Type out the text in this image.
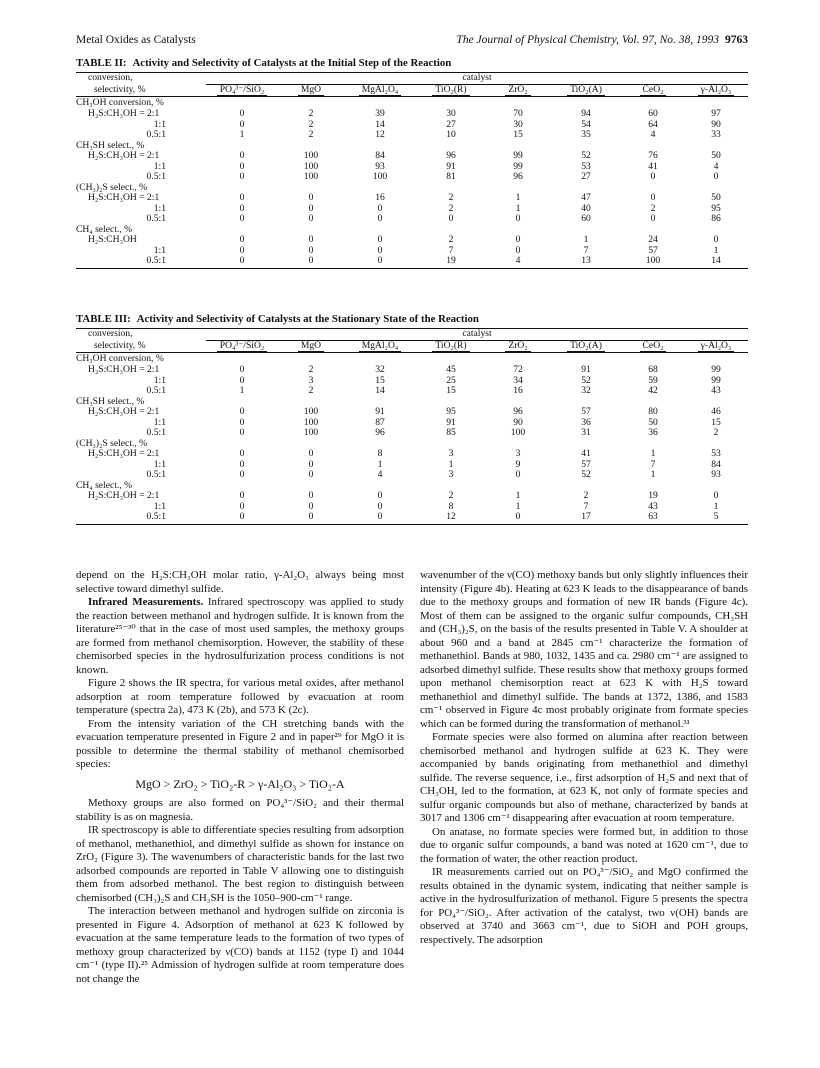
Metal Oxides as Catalysts	The Journal of Physical Chemistry, Vol. 97, No. 38, 1993 9763
TABLE II: Activity and Selectivity of Catalysts at the Initial Step of the Reaction
conversion,	catalyst							
selectivity, %	PO₄³⁻/SiO₂	MgO	MgAl₂O₄	TiO₂(R)	ZrO₂	TiO₂(A)	CeO₂	γ-Al₂O₃
CH₃OH conversion, %								
H₂S:CH₃OH = 2:1	0	2	39	30	70	94	60	97
1:1	0	2	14	27	30	54	64	90
0.5:1	1	2	12	10	15	35	4	33
CH₃SH select., %								
H₂S:CH₃OH = 2:1	0	100	84	96	99	52	76	50
1:1	0	100	93	91	99	53	41	4
0.5:1	0	100	100	81	96	27	0	0
(CH₃)₂S select., %								
H₂S:CH₃OH = 2:1	0	0	16	2	1	47	0	50
1:1	0	0	0	2	1	40	2	95
0.5:1	0	0	0	0	0	60	0	86
CH₄ select., %								
H₂S:CH₃OH	0	0	0	2	0	1	24	0
1:1	0	0	0	7	0	7	57	1
0.5:1	0	0	0	19	4	13	100	14
TABLE III: Activity and Selectivity of Catalysts at the Stationary State of the Reaction
conversion,	catalyst							
selectivity, %	PO₄³⁻/SiO₂	MgO	MgAl₂O₄	TiO₂(R)	ZrO₂	TiO₂(A)	CeO₂	γ-Al₂O₃
CH₃OH conversion, %								
H₂S:CH₃OH = 2:1	0	2	32	45	72	91	68	99
1:1	0	3	15	25	34	52	59	99
0.5:1	1	2	14	15	16	32	42	43
CH₃SH select., %								
H₂S:CH₃OH = 2:1	0	100	91	95	96	57	80	46
1:1	0	100	87	91	90	36	50	15
0.5:1	0	100	96	85	100	31	36	2
(CH₃)₂S select., %								
H₂S:CH₃OH = 2:1	0	0	8	3	3	41	1	53
1:1	0	0	1	1	9	57	7	84
0.5:1	0	0	4	3	0	52	1	93
CH₄ select., %								
H₂S:CH₃OH = 2:1	0	0	0	2	1	2	19	0
1:1	0	0	0	8	1	7	43	1
0.5:1	0	0	0	12	0	17	63	5

depend on the H₂S:CH₃OH molar ratio, γ-Al₂O₃ always being most selective toward dimethyl sulfide.

Infrared Measurements. Infrared spectroscopy was applied to study the reaction between methanol and hydrogen sulfide. It is known from the literature²⁵⁻³⁰ that in the case of most used samples, the methoxy groups are formed from methanol chemisorption. However, the stability of these chemisorbed species in the hydrosulfurization process conditions is not known.

Figure 2 shows the IR spectra, for various metal oxides, after methanol adsorption at room temperature followed by evacuation at room temperature (spectra 2a), 473 K (2b), and 573 K (2c).

From the intensity variation of the CH stretching bands with the evacuation temperature presented in Figure 2 and in paper²⁹ for MgO it is possible to determine the thermal stability of methanol chemisorbed species:

MgO > ZrO₂ > TiO₂-R > γ-Al₂O₃ > TiO₂-A

Methoxy groups are also formed on PO₄³⁻/SiO₂ and their thermal stability is as on magnesia.

IR spectroscopy is able to differentiate species resulting from adsorption of methanol, methanethiol, and dimethyl sulfide as shown for instance on ZrO₂ (Figure 3). The wavenumbers of characteristic bands for the last two adsorbed compounds are reported in Table V allowing one to distinguish them from adsorbed methanol. The best region to distinguish between chemisorbed (CH₃)₂S and CH₃SH is the 1050–900-cm⁻¹ range.

The interaction between methanol and hydrogen sulfide on zirconia is presented in Figure 4. Adsorption of methanol at 623 K followed by evacuation at the same temperature leads to the formation of two types of methoxy group characterized by ν(CO) bands at 1152 (type I) and 1044 cm⁻¹ (type II).²⁵ Admission of hydrogen sulfide at room temperature does not change the

wavenumber of the ν(CO) methoxy bands but only slightly influences their intensity (Figure 4b). Heating at 623 K leads to the disappearance of bands due to the methoxy groups and formation of new IR bands (Figure 4c). Most of them can be assigned to the organic sulfur compounds, CH₃SH and (CH₃)₂S, on the basis of the results presented in Table V. A shoulder at about 960 and a band at 2845 cm⁻¹ characterize the formation of methanethiol. Bands at 980, 1032, 1435 and ca. 2980 cm⁻¹ are assigned to adsorbed dimethyl sulfide. These results show that methoxy groups formed upon methanol chemisorption react at 623 K with H₂S toward methanethiol and dimethyl sulfide. The bands at 1372, 1386, and 1583 cm⁻¹ observed in Figure 4c most probably originate from formate species which can be formed during the transformation of methanol.³¹

Formate species were also formed on alumina after reaction between chemisorbed methanol and hydrogen sulfide at 623 K. They were accompanied by bands originating from methanethiol and dimethyl sulfide. The reverse sequence, i.e., first adsorption of H₂S and next that of CH₃OH, led to the formation, at 623 K, not only of formate species and sulfur organic compounds but also of methane, characterized by bands at 3017 and 1306 cm⁻¹ disappearing after evacuation at room temperature.

On anatase, no formate species were formed but, in addition to those due to organic sulfur compounds, a band was noted at 1620 cm⁻¹, due to the formation of water, the other reaction product.

IR measurements carried out on PO₄³⁻/SiO₂ and MgO confirmed the results obtained in the dynamic system, indicating that neither sample is active in the hydrosulfurization of methanol. Figure 5 presents the spectra for PO₄³⁻/SiO₂. After activation of the catalyst, two ν(OH) bands are observed at 3740 and 3663 cm⁻¹, due to SiOH and POH groups, respectively. The adsorption
